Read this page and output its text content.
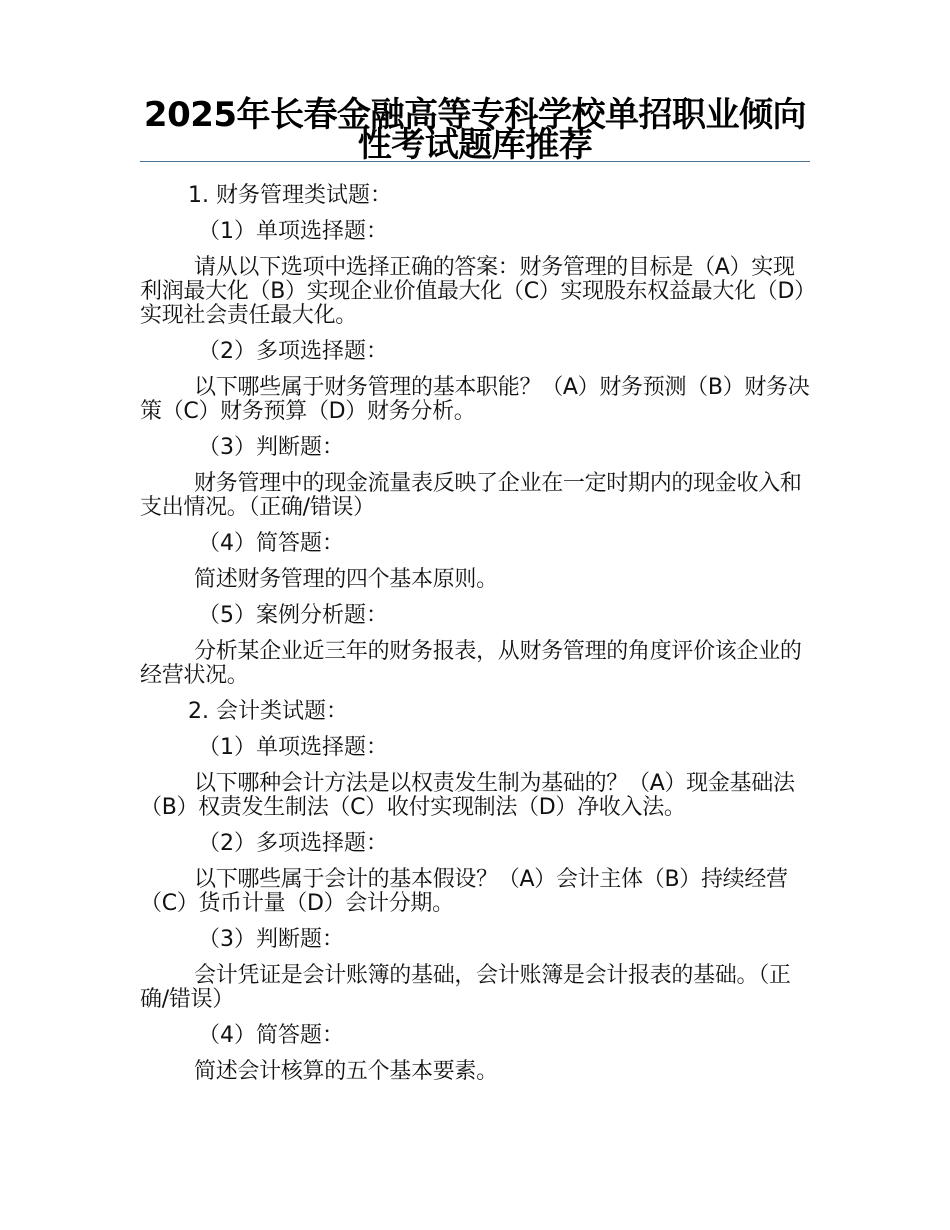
2025年长春金融高等专科学校单招职业倾向性考试题库推荐
1. 财务管理类试题：
（1）单项选择题：

请从以下选项中选择正确的答案：财务管理的目标是（A）实现利润最大化（B）实现企业价值最大化（C）实现股东权益最大化（D）实现社会责任最大化。

（2）多项选择题：

以下哪些属于财务管理的基本职能？（A）财务预测（B）财务决策（C）财务预算（D）财务分析。

（3）判断题：

财务管理中的现金流量表反映了企业在一定时期内的现金收入和支出情况。（正确/错误）

（4）简答题：

简述财务管理的四个基本原则。

（5）案例分析题：

分析某企业近三年的财务报表，从财务管理的角度评价该企业的经营状况。

2. 会计类试题：
（1）单项选择题：

以下哪种会计方法是以权责发生制为基础的？（A）现金基础法（B）权责发生制法（C）收付实现制法（D）净收入法。

（2）多项选择题：

以下哪些属于会计的基本假设？（A）会计主体（B）持续经营（C）货币计量（D）会计分期。

（3）判断题：

会计凭证是会计账簿的基础，会计账簿是会计报表的基础。（正确/错误）

（4）简答题：

简述会计核算的五个基本要素。
